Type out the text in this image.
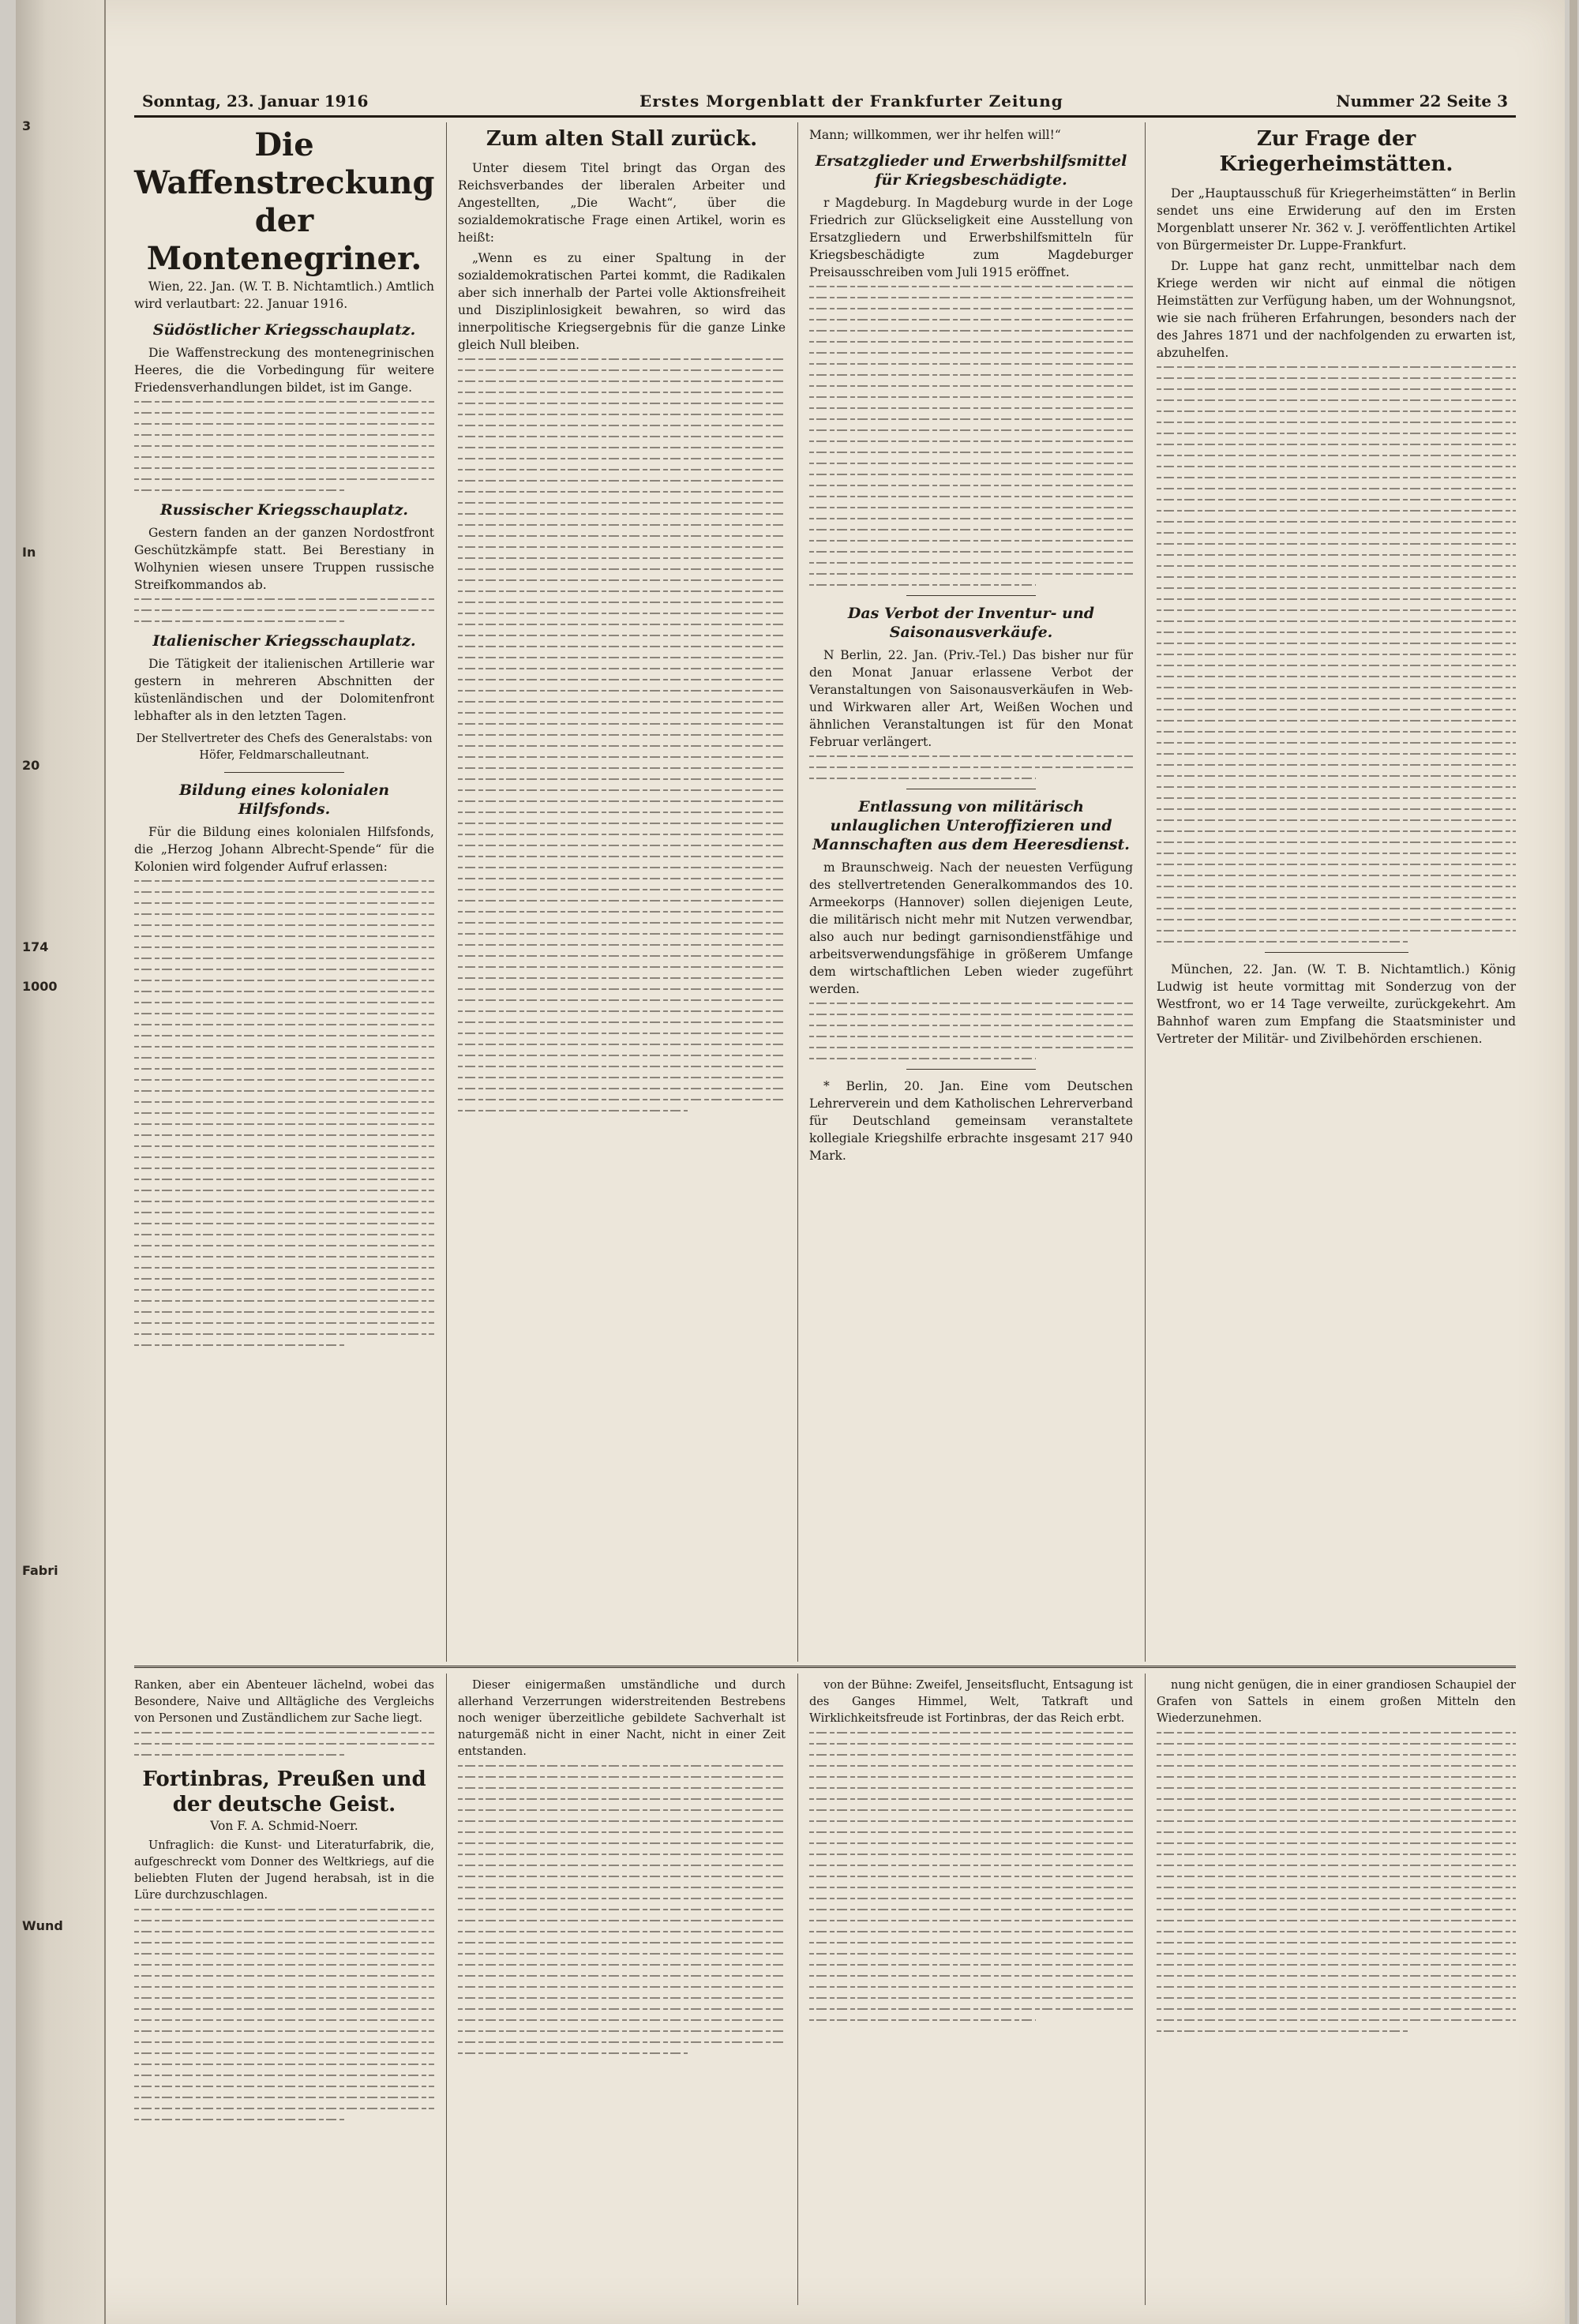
3
In
20
174
1000
Fabri
Wund
Sonntag, 23. Januar 1916	Erstes Morgenblatt der Frankfurter Zeitung	Nummer 22 Seite 3
Die Waffenstreckung der Montenegriner.

Wien, 22. Jan. (W. T. B. Nichtamtlich.) Amtlich wird verlautbart: 22. Januar 1916.

Südöstlicher Kriegsschauplatz.

Die Waffenstreckung des montenegrinischen Heeres, die die Vorbedingung für weitere Friedensverhandlungen bildet, ist im Gange.

Russischer Kriegsschauplatz.

Gestern fanden an der ganzen Nordostfront Geschützkämpfe statt. Bei Berestiany in Wolhynien wiesen unsere Truppen russische Streifkommandos ab.

Italienischer Kriegsschauplatz.

Die Tätigkeit der italienischen Artillerie war gestern in mehreren Abschnitten der küstenländischen und der Dolomitenfront lebhafter als in den letzten Tagen.

Der Stellvertreter des Chefs des Generalstabs: von Höfer, Feldmarschalleutnant.

Bildung eines kolonialen Hilfsfonds.

Für die Bildung eines kolonialen Hilfsfonds, die „Herzog Johann Albrecht-Spende“ für die Kolonien wird folgender Aufruf erlassen:

Zum alten Stall zurück.

Unter diesem Titel bringt das Organ des Reichsverbandes der liberalen Arbeiter und Angestellten, „Die Wacht“, über die sozialdemokratische Frage einen Artikel, worin es heißt:

„Wenn es zu einer Spaltung in der sozialdemokratischen Partei kommt, die Radikalen aber sich innerhalb der Partei volle Aktionsfreiheit und Disziplinlosigkeit bewahren, so wird das innerpolitische Kriegsergebnis für die ganze Linke gleich Null bleiben.

Mann; willkommen, wer ihr helfen will!“

Ersatzglieder und Erwerbshilfsmittel für Kriegsbeschädigte.

r Magdeburg. In Magdeburg wurde in der Loge Friedrich zur Glückseligkeit eine Ausstellung von Ersatzgliedern und Erwerbshilfsmitteln für Kriegsbeschädigte zum Magdeburger Preisausschreiben vom Juli 1915 eröffnet.

Das Verbot der Inventur- und Saisonausverkäufe.

N Berlin, 22. Jan. (Priv.-Tel.) Das bisher nur für den Monat Januar erlassene Verbot der Veranstaltungen von Saisonausverkäufen in Web- und Wirkwaren aller Art, Weißen Wochen und ähnlichen Veranstaltungen ist für den Monat Februar verlängert.

Entlassung von militärisch unlauglichen Unteroffizieren und Mannschaften aus dem Heeresdienst.

m Braunschweig. Nach der neuesten Verfügung des stellvertretenden Generalkommandos des 10. Armeekorps (Hannover) sollen diejenigen Leute, die militärisch nicht mehr mit Nutzen verwendbar, also auch nur bedingt garnisondienstfähige und arbeitsverwendungsfähige in größerem Umfange dem wirtschaftlichen Leben wieder zugeführt werden.

* Berlin, 20. Jan. Eine vom Deutschen Lehrerverein und dem Katholischen Lehrerverband für Deutschland gemeinsam veranstaltete kollegiale Kriegshilfe erbrachte insgesamt 217 940 Mark.

Zur Frage der Kriegerheimstätten.

Der „Hauptausschuß für Kriegerheimstätten“ in Berlin sendet uns eine Erwiderung auf den im Ersten Morgenblatt unserer Nr. 362 v. J. veröffentlichten Artikel von Bürgermeister Dr. Luppe-Frankfurt.

Dr. Luppe hat ganz recht, unmittelbar nach dem Kriege werden wir nicht auf einmal die nötigen Heimstätten zur Verfügung haben, um der Wohnungsnot, wie sie nach früheren Erfahrungen, besonders nach der des Jahres 1871 und der nachfolgenden zu erwarten ist, abzuhelfen.

München, 22. Jan. (W. T. B. Nichtamtlich.) König Ludwig ist heute vormittag mit Sonderzug von der Westfront, wo er 14 Tage verweilte, zurückgekehrt. Am Bahnhof waren zum Empfang die Staatsminister und Vertreter der Militär- und Zivilbehörden erschienen.

Ranken, aber ein Abenteuer lächelnd, wobei das Besondere, Naive und Alltägliche des Vergleichs von Personen und Zuständlichem zur Sache liegt.

Fortinbras, Preußen und der deutsche Geist.

Von F. A. Schmid-Noerr.

Unfraglich: die Kunst- und Literaturfabrik, die, aufgeschreckt vom Donner des Weltkriegs, auf die beliebten Fluten der Jugend herabsah, ist in die Lüre durchzuschlagen.

Dieser einigermaßen umständliche und durch allerhand Verzerrungen widerstreitenden Bestrebens noch weniger überzeitliche gebildete Sachverhalt ist naturgemäß nicht in einer Nacht, nicht in einer Zeit entstanden.

von der Bühne: Zweifel, Jenseitsflucht, Entsagung ist des Ganges Himmel, Welt, Tatkraft und Wirklichkeitsfreude ist Fortinbras, der das Reich erbt.

nung nicht genügen, die in einer grandiosen Schaupiel der Grafen von Sattels in einem großen Mitteln den Wiederzunehmen.
